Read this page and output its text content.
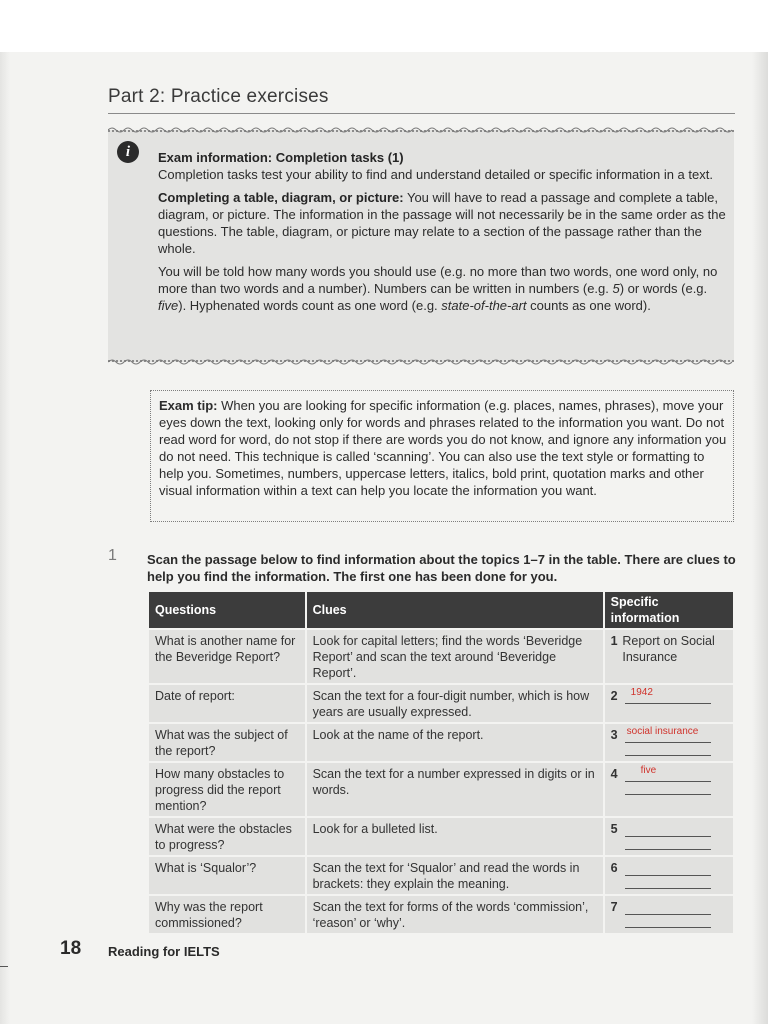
Part 2: Practice exercises
i	Exam information: Completion tasks (1)
Completion tasks test your ability to find and understand detailed or specific information in a text.

Completing a table, diagram, or picture: You will have to read a passage and complete a table, diagram, or picture. The information in the passage will not necessarily be in the same order as the questions. The table, diagram, or picture may relate to a section of the passage rather than the whole.

You will be told how many words you should use (e.g. no more than two words, one word only, no more than two words and a number). Numbers can be written in numbers (e.g. 5) or words (e.g. five). Hyphenated words count as one word (e.g. state-of-the-art counts as one word).

Exam tip: When you are looking for specific information (e.g. places, names, phrases), move your eyes down the text, looking only for words and phrases related to the information you want. Do not read word for word, do not stop if there are words you do not know, and ignore any information you do not need. This technique is called ‘scanning’. You can also use the text style or formatting to help you. Sometimes, numbers, uppercase letters, italics, bold print, quotation marks and other visual information within a text can help you locate the information you want.
1 Scan the passage below to find information about the topics 1–7 in the table. There are clues to help you find the information. The first one has been done for you.
Questions	Clues	Specific information
What is another name for the Beveridge Report?	Look for capital letters; find the words ‘Beveridge Report’ and scan the text around ‘Beveridge Report’.	1 Report on Social Insurance

Date of report:	Scan the text for a four-digit number, which is how years are usually expressed.	2 1942

What was the subject of the report?	Look at the name of the report.	3 social insurance

How many obstacles to progress did the report mention?	Scan the text for a number expressed in digits or in words.	4 five

What were the obstacles to progress?	Look for a bulleted list.	5

What is ‘Squalor’?	Scan the text for ‘Squalor’ and read the words in brackets: they explain the meaning.	6

Why was the report commissioned?	Scan the text for forms of the words ‘commission’, ‘reason’ or ‘why’.	7
18 Reading for IELTS
